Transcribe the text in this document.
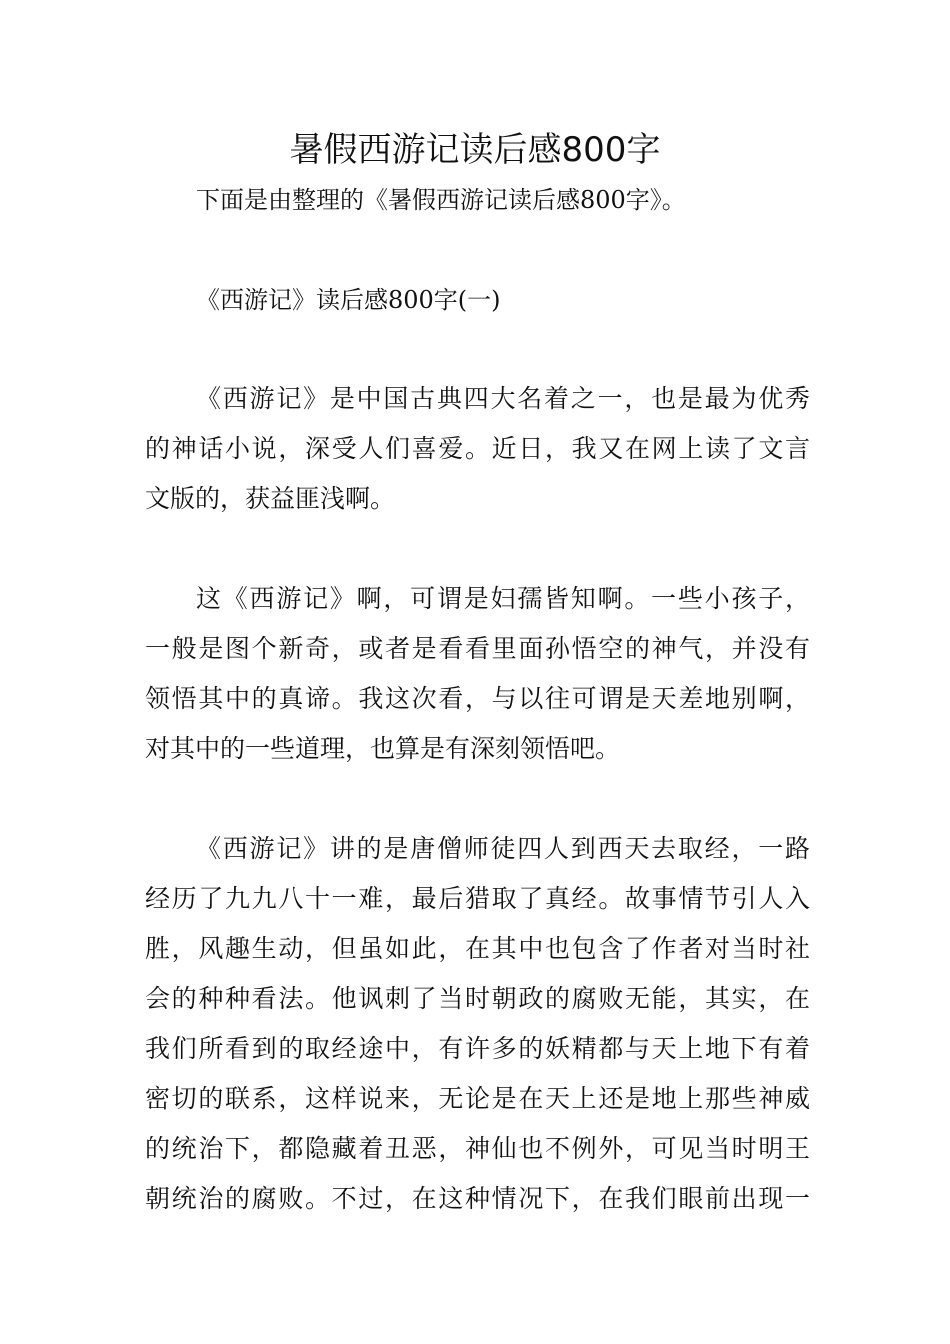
暑假西游记读后感800字
下面是由整理的《暑假西游记读后感800字》。
《西游记》读后感800字(一)
《西游记》是中国古典四大名着之一，也是最为优秀
的神话小说，深受人们喜爱。近日，我又在网上读了文言
文版的，获益匪浅啊。
这《西游记》啊，可谓是妇孺皆知啊。一些小孩子，
一般是图个新奇，或者是看看里面孙悟空的神气，并没有
领悟其中的真谛。我这次看，与以往可谓是天差地别啊，
对其中的一些道理，也算是有深刻领悟吧。
《西游记》讲的是唐僧师徒四人到西天去取经，一路
经历了九九八十一难，最后猎取了真经。故事情节引人入
胜，风趣生动，但虽如此，在其中也包含了作者对当时社
会的种种看法。他讽刺了当时朝政的腐败无能，其实，在
我们所看到的取经途中，有许多的妖精都与天上地下有着
密切的联系，这样说来，无论是在天上还是地上那些神威
的统治下，都隐藏着丑恶，神仙也不例外，可见当时明王
朝统治的腐败。不过，在这种情况下，在我们眼前出现一
